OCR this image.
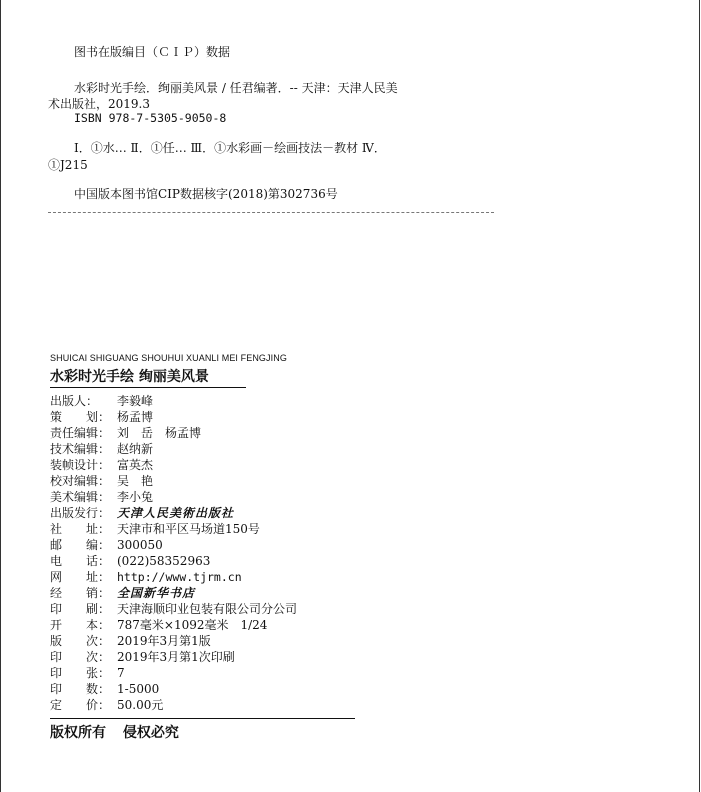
图书在版编目（ＣＩＰ）数据
水彩时光手绘．绚丽美风景 / 任君编著．-- 天津：天津人民美术出版社，2019.3
ISBN 978-7-5305-9050-8
Ⅰ．①水… Ⅱ．①任… Ⅲ．①水彩画－绘画技法－教材 Ⅳ．①J215
中国版本图书馆CIP数据核字(2018)第302736号
SHUICAI SHIGUANG SHOUHUI XUANLI MEI FENGJING
水彩时光手绘 绚丽美风景
出版人：	李毅峰
策　　划： 杨孟博
责任编辑： 刘　岳　杨孟博
技术编辑： 赵纳新
装帧设计： 富英杰
校对编辑： 吴　艳
美术编辑： 李小兔
出版发行： 天津人民美術出版社
社　　址： 天津市和平区马场道150号
邮　　编： 300050
电　　话： (022)58352963
网　　址： http://www.tjrm.cn
经　　销： 全国新华书店
印　　刷： 天津海顺印业包装有限公司分公司
开　　本： 787毫米×1092毫米　1/24
版　　次： 2019年3月第1版
印　　次： 2019年3月第1次印刷
印　　张： 7
印　　数： 1-5000
定　　价： 50.00元
版权所有 侵权必究
